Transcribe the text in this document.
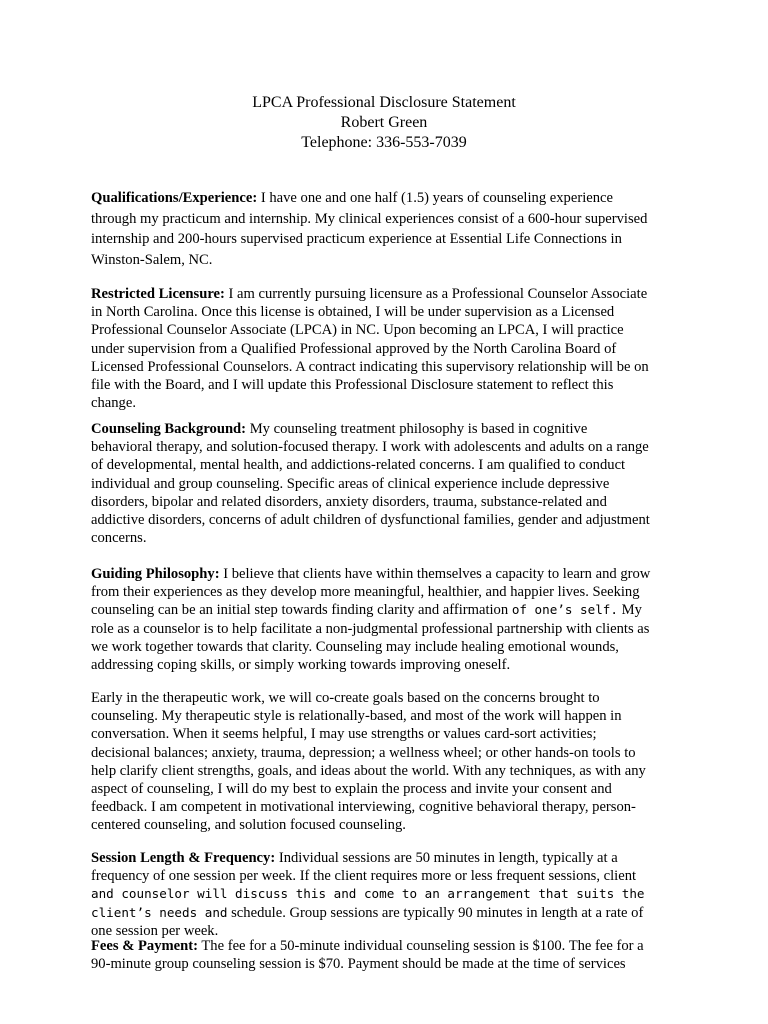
LPCA Professional Disclosure Statement
Robert Green
Telephone: 336-553-7039

Qualifications/Experience: I have one and one half (1.5) years of counseling experience through my practicum and internship. My clinical experiences consist of a 600-hour supervised internship and 200-hours supervised practicum experience at Essential Life Connections in Winston-Salem, NC.

Restricted Licensure: I am currently pursuing licensure as a Professional Counselor Associate in North Carolina. Once this license is obtained, I will be under supervision as a Licensed Professional Counselor Associate (LPCA) in NC. Upon becoming an LPCA, I will practice under supervision from a Qualified Professional approved by the North Carolina Board of Licensed Professional Counselors. A contract indicating this supervisory relationship will be on file with the Board, and I will update this Professional Disclosure statement to reflect this change.

Counseling Background: My counseling treatment philosophy is based in cognitive behavioral therapy, and solution-focused therapy. I work with adolescents and adults on a range of developmental, mental health, and addictions-related concerns. I am qualified to conduct individual and group counseling. Specific areas of clinical experience include depressive disorders, bipolar and related disorders, anxiety disorders, trauma, substance-related and addictive disorders, concerns of adult children of dysfunctional families, gender and adjustment concerns.

Guiding Philosophy: I believe that clients have within themselves a capacity to learn and grow from their experiences as they develop more meaningful, healthier, and happier lives. Seeking counseling can be an initial step towards finding clarity and affirmation of one’s self. My role as a counselor is to help facilitate a non-judgmental professional partnership with clients as we work together towards that clarity. Counseling may include healing emotional wounds, addressing coping skills, or simply working towards improving oneself.

Early in the therapeutic work, we will co-create goals based on the concerns brought to counseling. My therapeutic style is relationally-based, and most of the work will happen in conversation. When it seems helpful, I may use strengths or values card-sort activities; decisional balances; anxiety, trauma, depression; a wellness wheel; or other hands-on tools to help clarify client strengths, goals, and ideas about the world. With any techniques, as with any aspect of counseling, I will do my best to explain the process and invite your consent and feedback. I am competent in motivational interviewing, cognitive behavioral therapy, person-centered counseling, and solution focused counseling.

Session Length & Frequency: Individual sessions are 50 minutes in length, typically at a frequency of one session per week. If the client requires more or less frequent sessions, client and counselor will discuss this and come to an arrangement that suits the client’s needs and schedule. Group sessions are typically 90 minutes in length at a rate of one session per week.

Fees & Payment: The fee for a 50-minute individual counseling session is $100. The fee for a 90-minute group counseling session is $70. Payment should be made at the time of services
